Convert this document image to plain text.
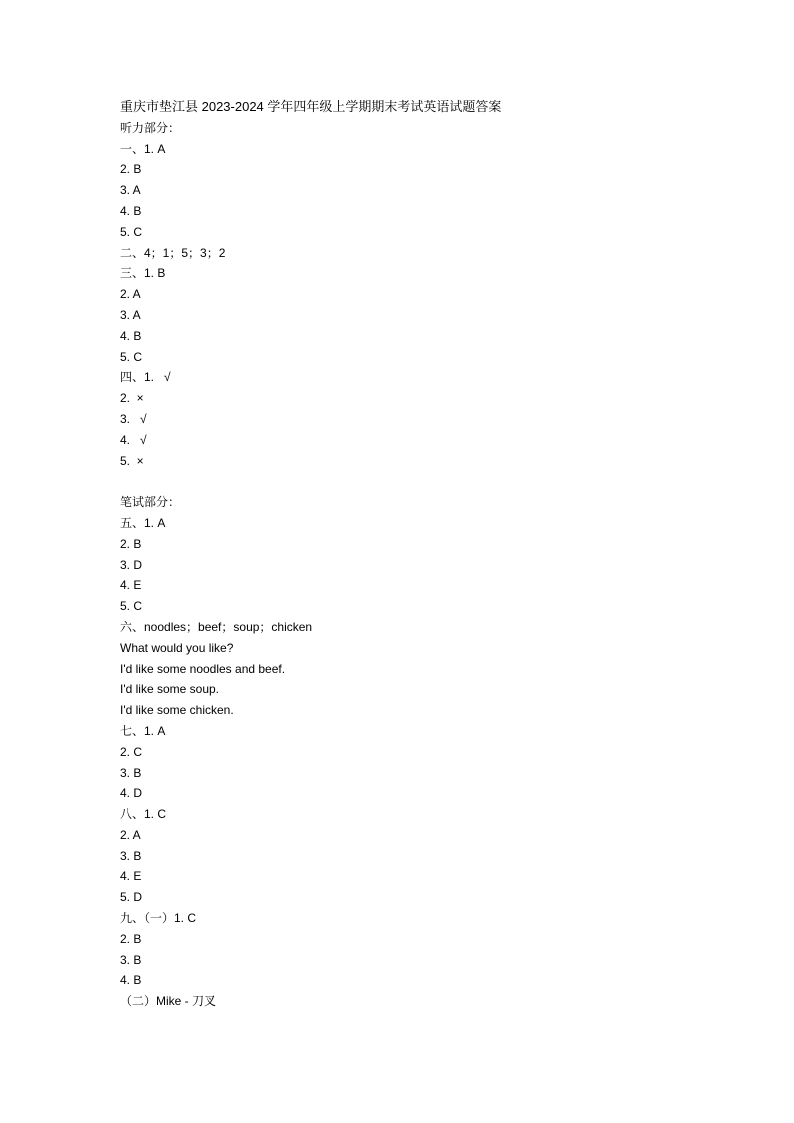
重庆市垫江县 2023-2024 学年四年级上学期期末考试英语试题答案
听力部分：
一、1. A
2. B
3. A
4. B
5. C
二、4；1；5；3；2
三、1. B
2. A
3. A
4. B
5. C
四、1.   √
2.  ×
3.   √
4.   √
5.  ×
笔试部分：
五、1. A
2. B
3. D
4. E
5. C
六、noodles；beef；soup；chicken
What would you like?
I'd like some noodles and beef.
I'd like some soup.
I'd like some chicken.
七、1. A
2. C
3. B
4. D
八、1. C
2. A
3. B
4. E
5. D
九、（一）1. C
2. B
3. B
4. B
（二）Mike - 刀叉
